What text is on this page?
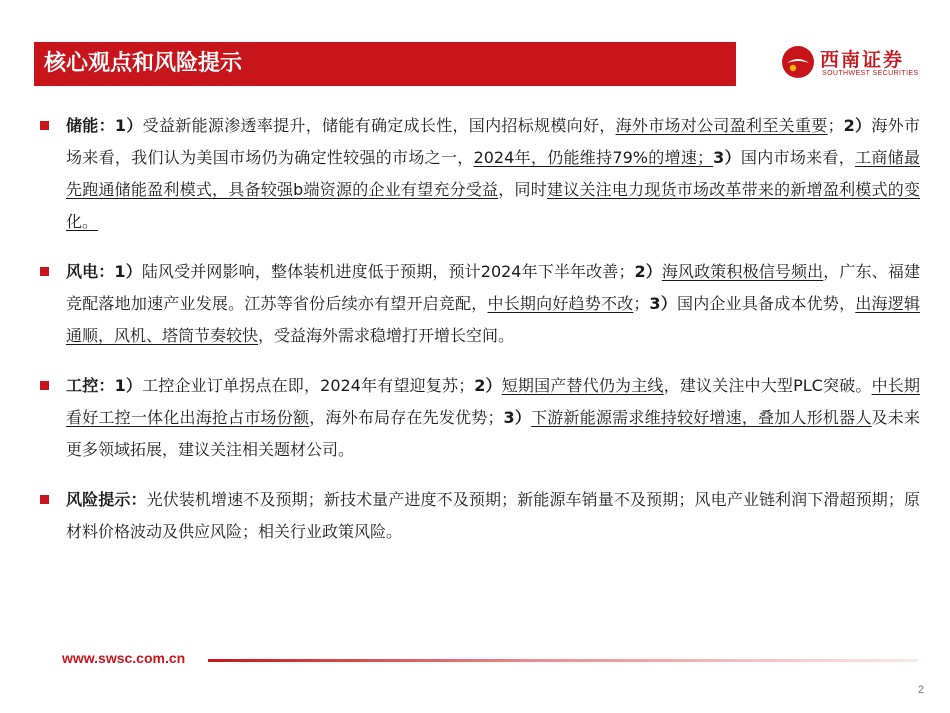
核心观点和风险提示	西南证券
SOUTHWEST SECURITIES
储能：1）受益新能源渗透率提升，储能有确定成长性，国内招标规模向好，海外市场对公司盈利至关重要；2）海外市场来看，我们认为美国市场仍为确定性较强的市场之一，2024年，仍能维持79%的增速；3）国内市场来看，工商储最先跑通储能盈利模式，具备较强b端资源的企业有望充分受益，同时建议关注电力现货市场改革带来的新增盈利模式的变化。
风电：1）陆风受并网影响，整体装机进度低于预期，预计2024年下半年改善；2）海风政策积极信号频出，广东、福建竞配落地加速产业发展。江苏等省份后续亦有望开启竞配，中长期向好趋势不改；3）国内企业具备成本优势，出海逻辑通顺，风机、塔筒节奏较快，受益海外需求稳增打开增长空间。
工控：1）工控企业订单拐点在即，2024年有望迎复苏；2）短期国产替代仍为主线，建议关注中大型PLC突破。中长期看好工控一体化出海抢占市场份额，海外布局存在先发优势；3）下游新能源需求维持较好增速，叠加人形机器人及未来更多领域拓展，建议关注相关题材公司。
风险提示：光伏装机增速不及预期；新技术量产进度不及预期；新能源车销量不及预期；风电产业链利润下滑超预期；原材料价格波动及供应风险；相关行业政策风险。
www.swsc.com.cn
2
